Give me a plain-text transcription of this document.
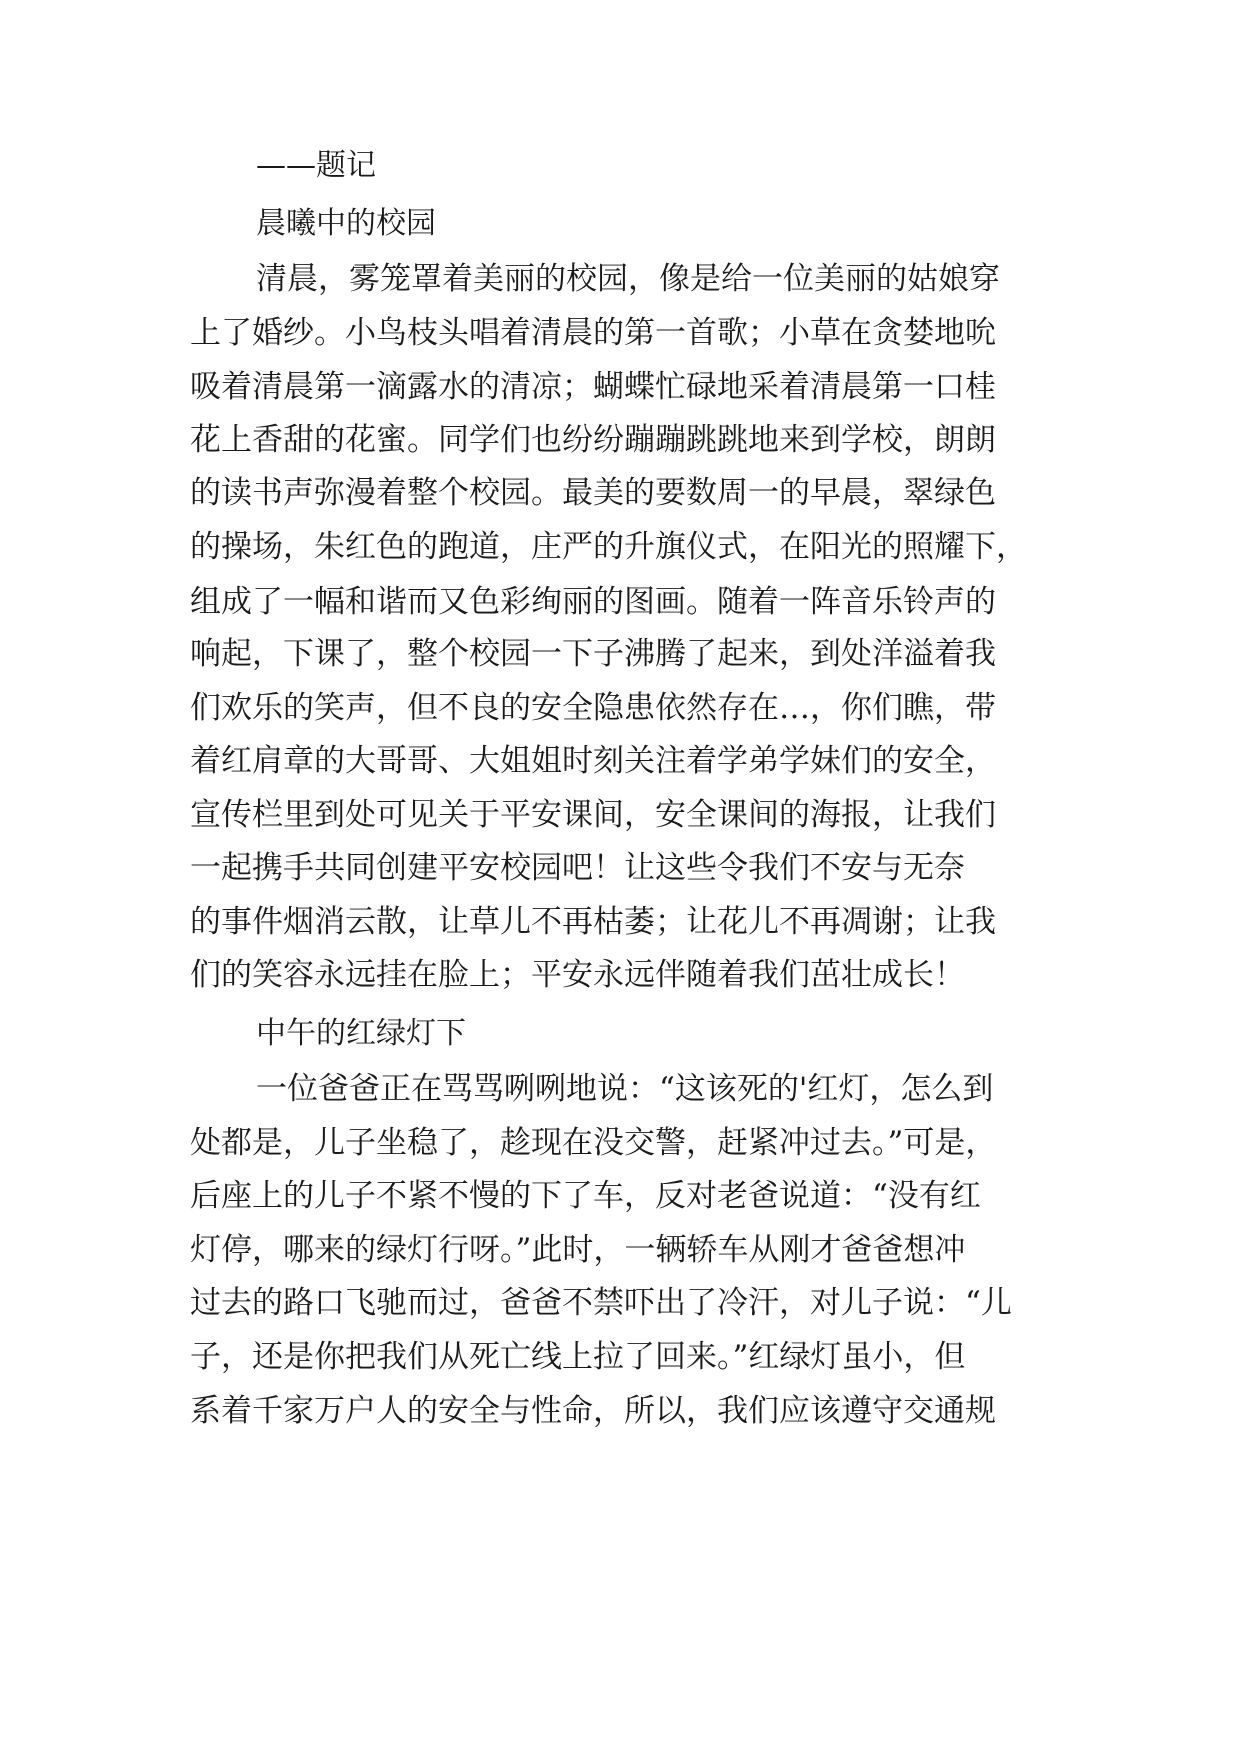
——题记

晨曦中的校园

清晨，雾笼罩着美丽的校园，像是给一位美丽的姑娘穿

上了婚纱。小鸟枝头唱着清晨的第一首歌；小草在贪婪地吮

吸着清晨第一滴露水的清凉；蝴蝶忙碌地采着清晨第一口桂

花上香甜的花蜜。同学们也纷纷蹦蹦跳跳地来到学校，朗朗

的读书声弥漫着整个校园。最美的要数周一的早晨，翠绿色

的操场，朱红色的跑道，庄严的升旗仪式，在阳光的照耀下，

组成了一幅和谐而又色彩绚丽的图画。随着一阵音乐铃声的

响起，下课了，整个校园一下子沸腾了起来，到处洋溢着我

们欢乐的笑声，但不良的安全隐患依然存在…，你们瞧，带

着红肩章的大哥哥、大姐姐时刻关注着学弟学妹们的安全，

宣传栏里到处可见关于平安课间，安全课间的海报，让我们

一起携手共同创建平安校园吧！让这些令我们不安与无奈

的事件烟消云散，让草儿不再枯萎；让花儿不再凋谢；让我

们的笑容永远挂在脸上；平安永远伴随着我们茁壮成长！

中午的红绿灯下

一位爸爸正在骂骂咧咧地说：“这该死的'红灯，怎么到

处都是，儿子坐稳了，趁现在没交警，赶紧冲过去。”可是，

后座上的儿子不紧不慢的下了车，反对老爸说道：“没有红

灯停，哪来的绿灯行呀。”此时，一辆轿车从刚才爸爸想冲

过去的路口飞驰而过，爸爸不禁吓出了冷汗，对儿子说：“儿

子，还是你把我们从死亡线上拉了回来。”红绿灯虽小，但

系着千家万户人的安全与性命，所以，我们应该遵守交通规
